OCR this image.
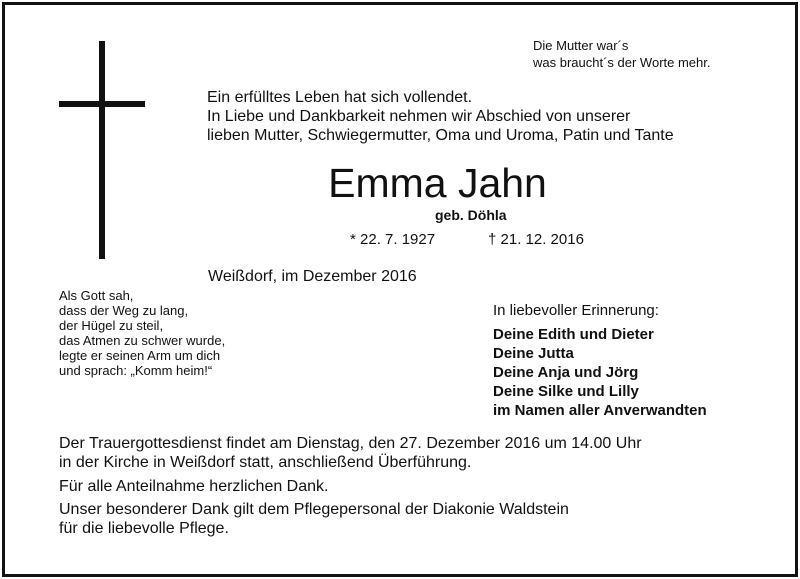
Die Mutter war´s
was braucht´s der Worte mehr.
Ein erfülltes Leben hat sich vollendet.
In Liebe und Dankbarkeit nehmen wir Abschied von unserer
lieben Mutter, Schwiegermutter, Oma und Uroma, Patin und Tante
Emma Jahn
geb. Döhla
* 22. 7. 1927	† 21. 12. 2016
Weißdorf, im Dezember 2016
Als Gott sah,
dass der Weg zu lang,
der Hügel zu steil,
das Atmen zu schwer wurde,
legte er seinen Arm um dich
und sprach: „Komm heim!“
In liebevoller Erinnerung:
Deine Edith und Dieter
Deine Jutta
Deine Anja und Jörg
Deine Silke und Lilly
im Namen aller Anverwandten
Der Trauergottesdienst findet am Dienstag, den 27. Dezember 2016 um 14.00 Uhr
in der Kirche in Weißdorf statt, anschließend Überführung.
Für alle Anteilnahme herzlichen Dank.
Unser besonderer Dank gilt dem Pflegepersonal der Diakonie Waldstein
für die liebevolle Pflege.
